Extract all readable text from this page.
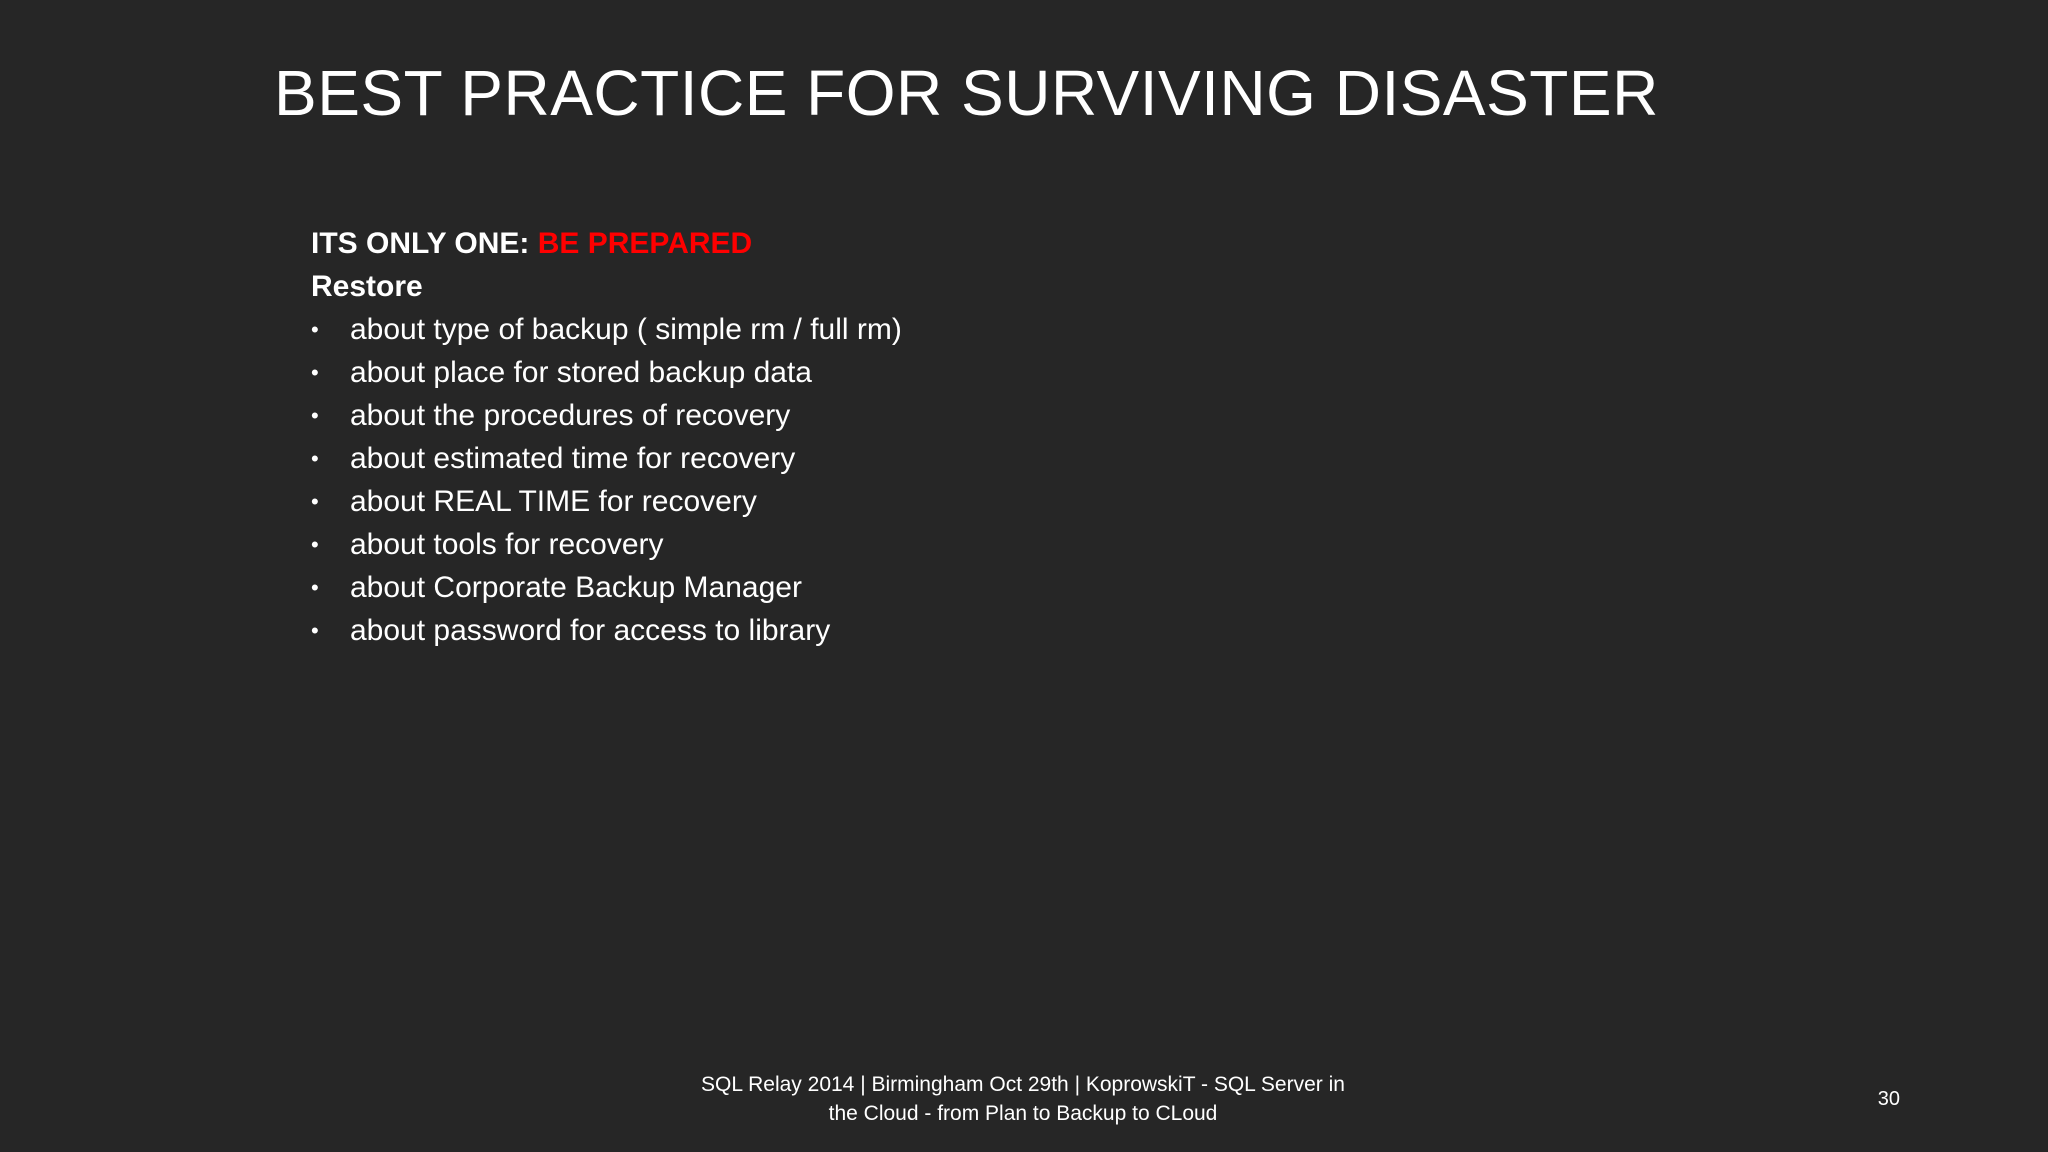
BEST PRACTICE FOR SURVIVING DISASTER
ITS ONLY ONE: BE PREPARED
Restore
• about type of backup ( simple rm / full rm)
• about place for stored backup data
• about the procedures of recovery
• about estimated time for recovery
• about REAL TIME for recovery
• about tools for recovery
• about Corporate Backup Manager
• about password for access to library
SQL Relay 2014 | Birmingham Oct 29th | KoprowskiT - SQL Server in
the Cloud - from Plan to Backup to CLoud
30
